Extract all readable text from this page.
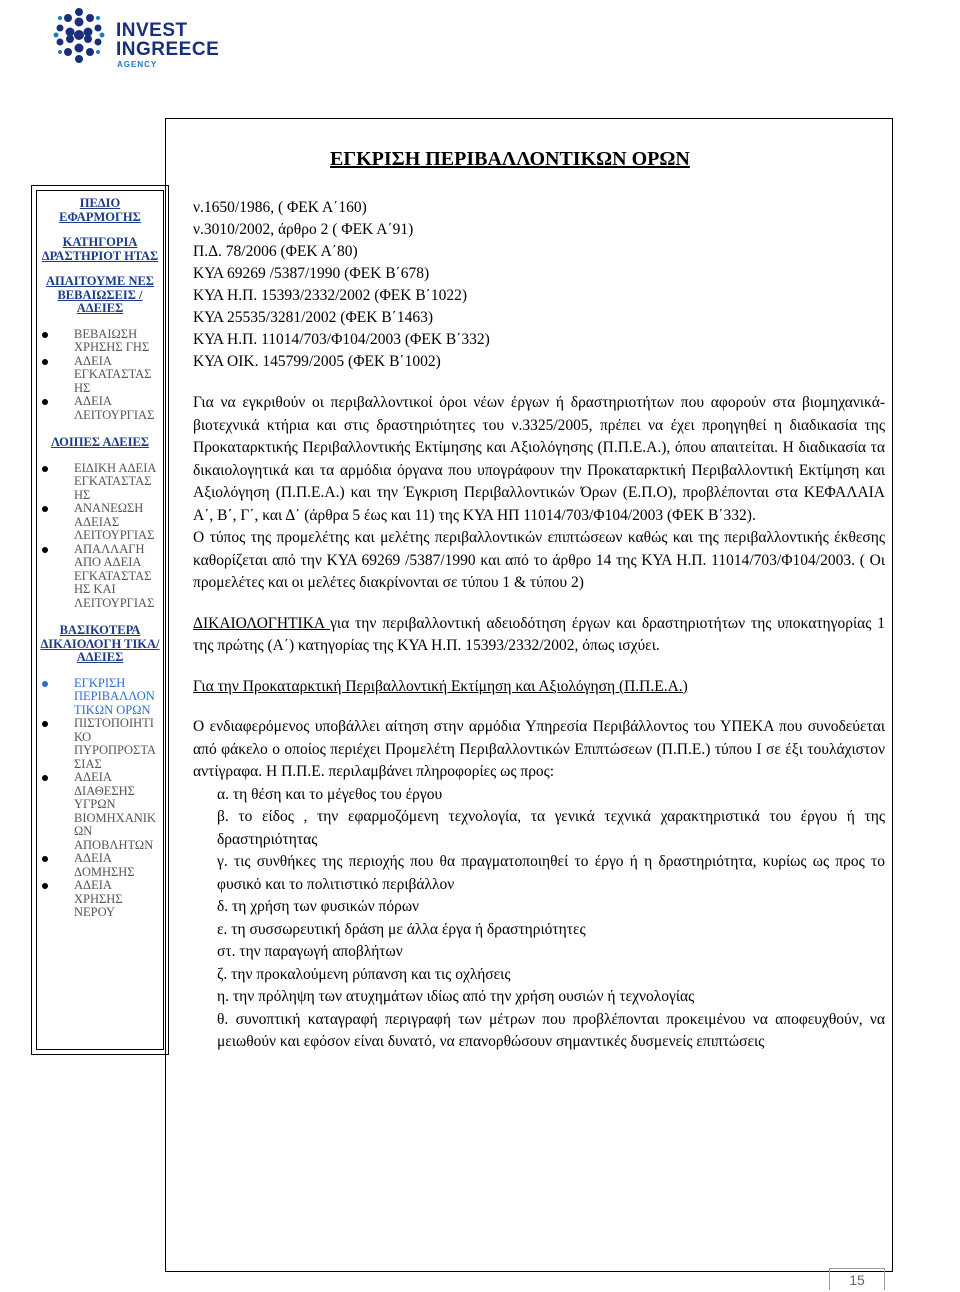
INVEST
INGREECE
AGENCY
ΕΓΚΡΙΣΗ ΠΕΡΙΒΑΛΛΟΝΤΙΚΩΝ ΟΡΩΝ
ΠΕΔΙΟ ΕΦΑΡΜΟΓΗΣ
ΚΑΤΗΓΟΡΙΑ ΔΡΑΣΤΗΡΙΟΤ ΗΤΑΣ
ΑΠΑΙΤΟΥΜΕ ΝΕΣ ΒΕΒΑΙΩΣΕΙΣ /ΑΔΕΙΕΣ
ΒΕΒΑΙΩΣΗ ΧΡΗΣΗΣ ΓΗΣ
ΑΔΕΙΑ ΕΓΚΑΤΑΣΤΑΣ ΗΣ
ΑΔΕΙΑ ΛΕΙΤΟΥΡΓΙΑΣ
ΛΟΙΠΕΣ ΑΔΕΙΕΣ
ΕΙΔΙΚΗ ΑΔΕΙΑ ΕΓΚΑΤΑΣΤΑΣ ΗΣ
ΑΝΑΝΕΩΣΗ ΑΔΕΙΑΣ ΛΕΙΤΟΥΡΓΙΑΣ
ΑΠΑΛΛΑΓΗ ΑΠΟ ΑΔΕΙΑ ΕΓΚΑΤΑΣΤΑΣ ΗΣ ΚΑΙ ΛΕΙΤΟΥΡΓΙΑΣ
ΒΑΣΙΚΟΤΕΡΑ ΔΙΚΑΙΟΛΟΓΗ ΤΙΚΑ/ΑΔΕΙΕΣ
ΕΓΚΡΙΣΗ ΠΕΡΙΒΑΛΛΟΝ ΤΙΚΩΝ ΟΡΩΝ
ΠΙΣΤΟΠΟΙΗΤΙ ΚΟ ΠΥΡΟΠΡΟΣΤΑ ΣΙΑΣ
ΑΔΕΙΑ ΔΙΑΘΕΣΗΣ ΥΓΡΩΝ ΒΙΟΜΗΧΑΝΙΚ ΩΝ ΑΠΟΒΛΗΤΩΝ
ΑΔΕΙΑ ΔΟΜΗΣΗΣ
ΑΔΕΙΑ ΧΡΗΣΗΣ ΝΕΡΟΥ
ν.1650/1986, ( ΦΕΚ Α΄160)
ν.3010/2002, άρθρο 2 ( ΦΕΚ Α΄91)
Π.Δ. 78/2006 (ΦΕΚ Α΄80)
ΚΥΑ 69269 /5387/1990 (ΦΕΚ Β΄678)
ΚΥΑ Η.Π. 15393/2332/2002 (ΦΕΚ Β΄1022)
ΚΥΑ 25535/3281/2002 (ΦΕΚ Β΄1463)
ΚΥΑ Η.Π. 11014/703/Φ104/2003 (ΦΕΚ Β΄332)
ΚΥΑ ΟΙΚ. 145799/2005 (ΦΕΚ Β΄1002)

Για να εγκριθούν οι περιβαλλοντικοί όροι νέων έργων ή δραστηριοτήτων που αφορούν στα βιομηχανικά- βιοτεχνικά κτήρια και στις δραστηριότητες του ν.3325/2005, πρέπει να έχει προηγηθεί η διαδικασία της Προκαταρκτικής Περιβαλλοντικής Εκτίμησης και Αξιολόγησης (Π.Π.Ε.Α.), όπου απαιτείται. Η διαδικασία τα δικαιολογητικά και τα αρμόδια όργανα που υπογράφουν την Προκαταρκτική Περιβαλλοντική Εκτίμηση και Αξιολόγηση (Π.Π.Ε.Α.) και την Έγκριση Περιβαλλοντικών Όρων (Ε.Π.Ο), προβλέπονται στα ΚΕΦΑΛΑΙΑ Α΄, Β΄, Γ΄, και Δ΄ (άρθρα 5 έως και 11) της ΚΥΑ ΗΠ 11014/703/Φ104/2003 (ΦΕΚ Β΄332).

Ο τύπος της προμελέτης και μελέτης περιβαλλοντικών επιπτώσεων καθώς και της περιβαλλοντικής έκθεσης καθορίζεται από την ΚΥΑ 69269 /5387/1990 και από το άρθρο 14 της ΚΥΑ Η.Π. 11014/703/Φ104/2003. ( Οι προμελέτες και οι μελέτες διακρίνονται σε τύπου 1 & τύπου 2)

ΔΙΚΑΙΟΛΟΓΗΤΙΚΑ για την περιβαλλοντική αδειοδότηση έργων και δραστηριοτήτων της υποκατηγορίας 1 της πρώτης (Α΄) κατηγορίας της ΚΥΑ Η.Π. 15393/2332/2002, όπως ισχύει.

Για την Προκαταρκτική Περιβαλλοντική Εκτίμηση και Αξιολόγηση (Π.Π.Ε.Α.)

Ο ενδιαφερόμενος υποβάλλει αίτηση στην αρμόδια Υπηρεσία Περιβάλλοντος του ΥΠΕΚΑ που συνοδεύεται από φάκελο ο οποίος περιέχει Προμελέτη Περιβαλλοντικών Επιπτώσεων (Π.Π.Ε.) τύπου Ι σε έξι τουλάχιστον αντίγραφα. Η Π.Π.Ε. περιλαμβάνει πληροφορίες ως προς:

α. τη θέση και το μέγεθος του έργου
β. το είδος , την εφαρμοζόμενη τεχνολογία, τα γενικά τεχνικά χαρακτηριστικά του έργου ή της δραστηριότητας
γ. τις συνθήκες της περιοχής που θα πραγματοποιηθεί το έργο ή η δραστηριότητα, κυρίως ως προς το φυσικό και το πολιτιστικό περιβάλλον
δ. τη χρήση των φυσικών πόρων
ε. τη συσσωρευτική δράση με άλλα έργα ή δραστηριότητες
στ. την παραγωγή αποβλήτων
ζ. την προκαλούμενη ρύπανση και τις οχλήσεις
η. την πρόληψη των ατυχημάτων ιδίως από την χρήση ουσιών ή τεχνολογίας
θ. συνοπτική καταγραφή περιγραφή των μέτρων που προβλέπονται προκειμένου να αποφευχθούν, να μειωθούν και εφόσον είναι δυνατό, να επανορθώσουν σημαντικές δυσμενείς επιπτώσεις
15
